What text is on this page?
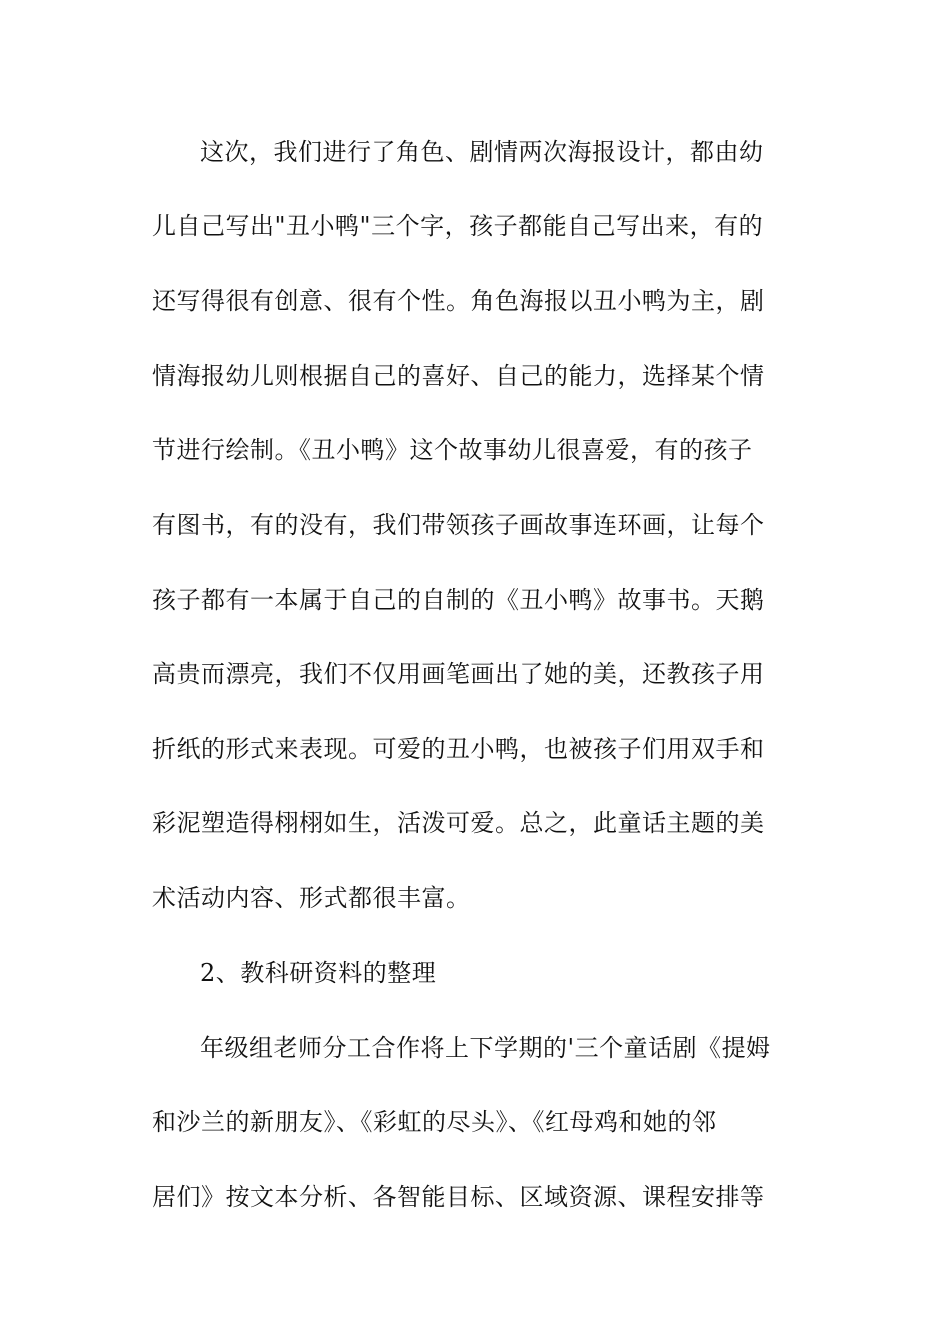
这次，我们进行了角色、剧情两次海报设计，都由幼
儿自己写出"丑小鸭"三个字，孩子都能自己写出来，有的
还写得很有创意、很有个性。角色海报以丑小鸭为主，剧
情海报幼儿则根据自己的喜好、自己的能力，选择某个情
节进行绘制。《丑小鸭》这个故事幼儿很喜爱，有的孩子
有图书，有的没有，我们带领孩子画故事连环画，让每个
孩子都有一本属于自己的自制的《丑小鸭》故事书。天鹅
高贵而漂亮，我们不仅用画笔画出了她的美，还教孩子用
折纸的形式来表现。可爱的丑小鸭，也被孩子们用双手和
彩泥塑造得栩栩如生，活泼可爱。总之，此童话主题的美
术活动内容、形式都很丰富。
2、教科研资料的整理
年级组老师分工合作将上下学期的'三个童话剧《提姆
和沙兰的新朋友》、《彩虹的尽头》、《红母鸡和她的邻
居们》按文本分析、各智能目标、区域资源、课程安排等
